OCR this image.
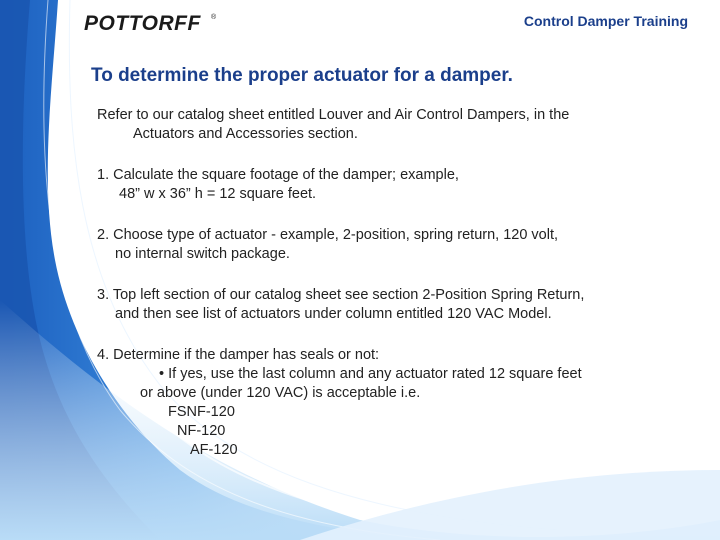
POTTORFF ®	Control Damper Training
To determine the proper actuator for a damper.
Refer to our catalog sheet entitled Louver and Air Control Dampers, in the
Actuators and Accessories section.
1. Calculate the square footage of the damper; example,
48” w x 36” h = 12 square feet.
2. Choose type of actuator - example, 2-position, spring return, 120 volt,
no internal switch package.
3. Top left section of our catalog sheet see section 2-Position Spring Return,
and then see list of actuators under column entitled 120 VAC Model.
4. Determine if the damper has seals or not:
• If yes, use the last column and any actuator rated 12 square feet
or above (under 120 VAC) is acceptable i.e.
FSNF-120
NF-120
AF-120
